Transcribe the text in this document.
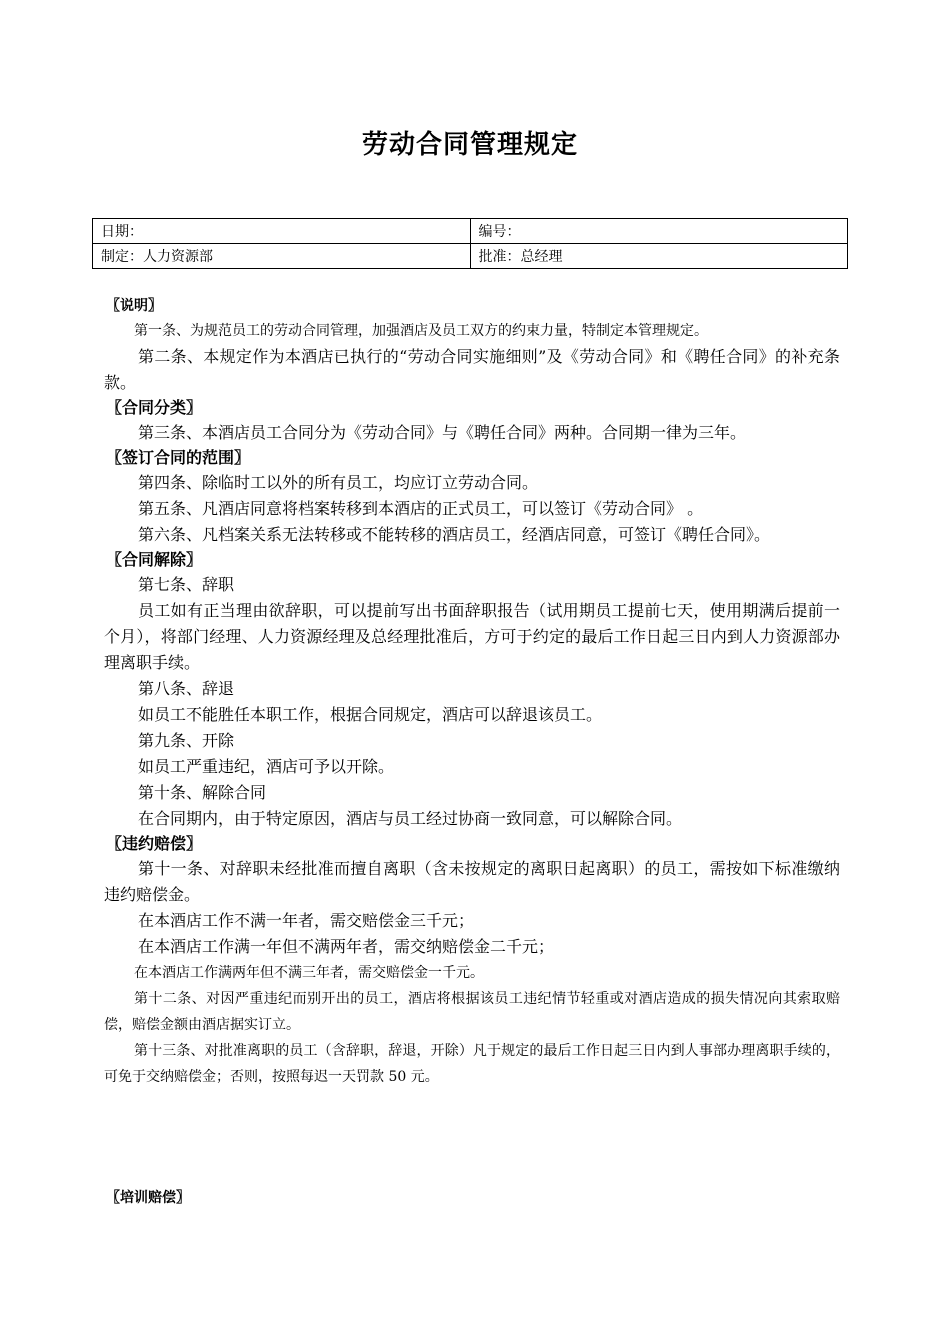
劳动合同管理规定
日期：	编号：
制定：人力资源部	批准：总经理
〖说明〗
第一条、为规范员工的劳动合同管理，加强酒店及员工双方的约束力量，特制定本管理规定。
第二条、本规定作为本酒店已执行的“劳动合同实施细则”及《劳动合同》和《聘任合同》的补充条款。
〖合同分类〗
第三条、本酒店员工合同分为《劳动合同》与《聘任合同》两种。合同期一律为三年。
〖签订合同的范围〗
第四条、除临时工以外的所有员工，均应订立劳动合同。
第五条、凡酒店同意将档案转移到本酒店的正式员工，可以签订《劳动合同》 。
第六条、凡档案关系无法转移或不能转移的酒店员工，经酒店同意，可签订《聘任合同》。
〖合同解除〗
第七条、辞职
员工如有正当理由欲辞职，可以提前写出书面辞职报告（试用期员工提前七天，使用期满后提前一个月），将部门经理、人力资源经理及总经理批准后，方可于约定的最后工作日起三日内到人力资源部办理离职手续。
第八条、辞退
如员工不能胜任本职工作，根据合同规定，酒店可以辞退该员工。
第九条、开除
如员工严重违纪，酒店可予以开除。
第十条、解除合同
在合同期内，由于特定原因，酒店与员工经过协商一致同意，可以解除合同。
〖违约赔偿〗
第十一条、对辞职未经批准而擅自离职（含未按规定的离职日起离职）的员工，需按如下标准缴纳违约赔偿金。
在本酒店工作不满一年者，需交赔偿金三千元；
在本酒店工作满一年但不满两年者，需交纳赔偿金二千元；
在本酒店工作满两年但不满三年者，需交赔偿金一千元。
第十二条、对因严重违纪而别开出的员工，酒店将根据该员工违纪情节轻重或对酒店造成的损失情况向其索取赔偿，赔偿金额由酒店据实订立。
第十三条、对批准离职的员工（含辞职，辞退，开除）凡于规定的最后工作日起三日内到人事部办理离职手续的，可免于交纳赔偿金；否则，按照每迟一天罚款 50 元。
〖培训赔偿〗
